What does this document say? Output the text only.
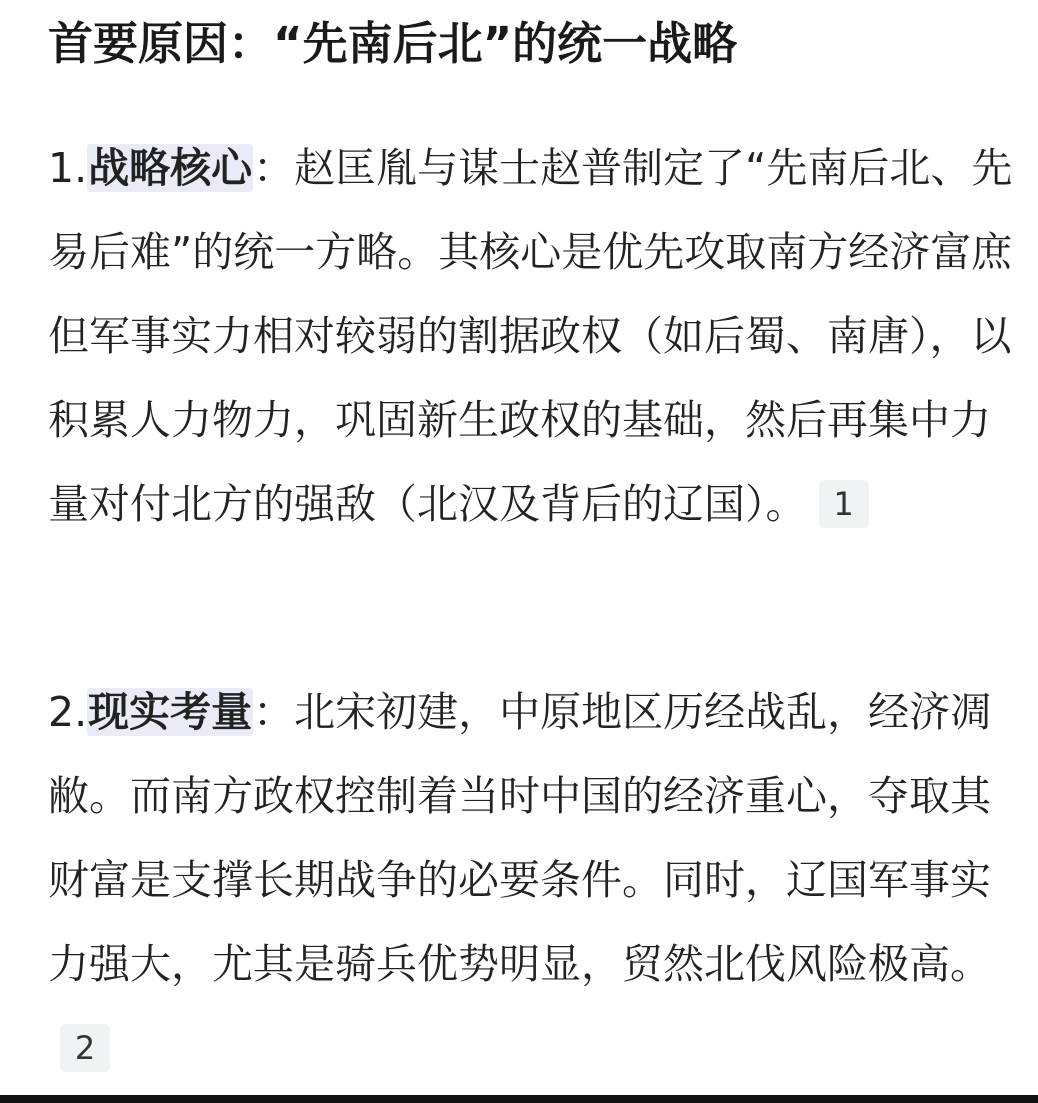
首要原因：“先南后北”的统一战略

1.战略核心：赵匡胤与谋士赵普制定了“先南后北、先易后难”的统一方略。其核心是优先攻取南方经济富庶但军事实力相对较弱的割据政权（如后蜀、南唐），以积累人力物力，巩固新生政权的基础，然后再集中力量对付北方的强敌（北汉及背后的辽国）。 1

2.现实考量：北宋初建，中原地区历经战乱，经济凋敝。而南方政权控制着当时中国的经济重心，夺取其财富是支撑长期战争的必要条件。同时，辽国军事实力强大，尤其是骑兵优势明显，贸然北伐风险极高。2
